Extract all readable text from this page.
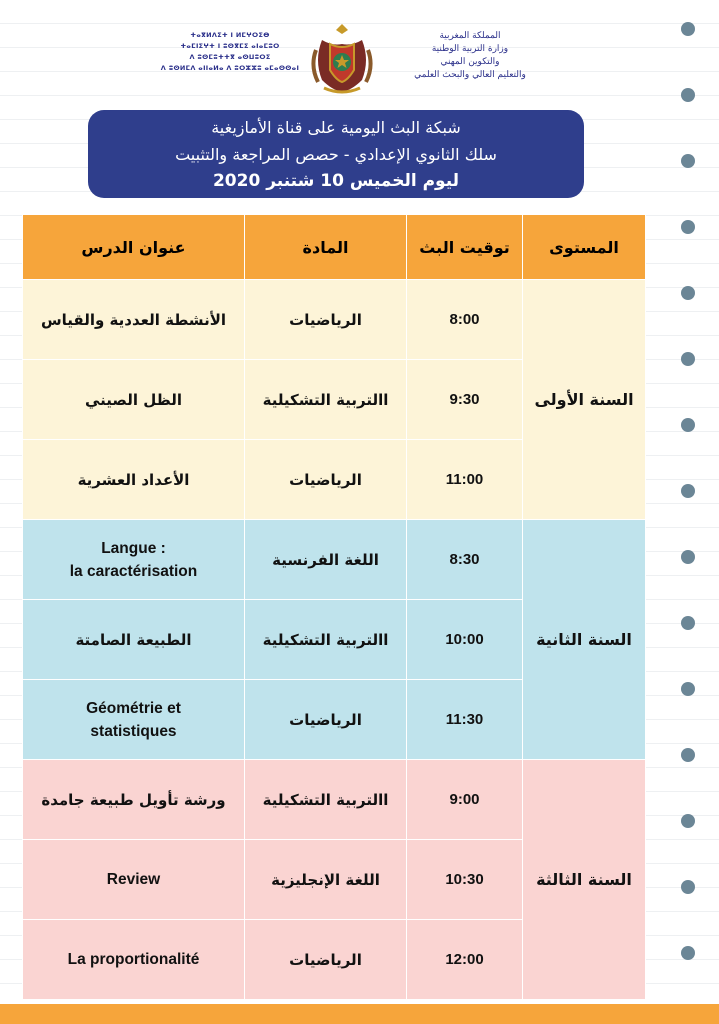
ⵜⴰⴳⵍⴷⵉⵜ ⵏ ⵍⵎⵖⵔⵉⴱ
ⵜⴰⵎⵏⵉⵖⵜ ⵏ ⵓⵙⴳⵎⵉ ⴰⵏⴰⵎⵓⵔ
ⴷ ⵓⵙⵎⵓⵜⵜⴳ ⴰⵙⵡⵓⵔⵉ
ⴷ ⵓⵙⵍⵎⴷ ⴰⵏⵏⴰⵍⴰ ⴷ ⵓⵔⵣⵣⵓ ⴰⵎⴰⵙⵙⴰⵏ
المملكة المغربية
وزارة التربية الوطنية
والتكوين المهني
والتعليم العالي والبحث العلمي
شبكة البث اليومية على قناة الأمازيغية
سلك الثانوي الإعدادي - حصص المراجعة والتثبيت
ليوم الخميس 10 شتنبر 2020
عنوان الدرس	المادة	توقيت البث	المستوى
الأنشطة العددية والقياس	الرياضيات	8:00	السنة الأولى
الظل الصيني	االتربية التشكيلية	9:30	
الأعداد العشرية	الرياضيات	11:00	

Langue :
la caractérisation	اللغة الفرنسية	8:30	السنة الثانية
الطبيعة الصامتة	االتربية التشكيلية	10:00	

Géométrie et
statistiques	الرياضيات	11:30	
ورشة تأويل طبيعة جامدة	االتربية التشكيلية	9:00	السنة الثالثة
Review	اللغة الإنجليزية	10:30	
La proportionalité	الرياضيات	12:00	
